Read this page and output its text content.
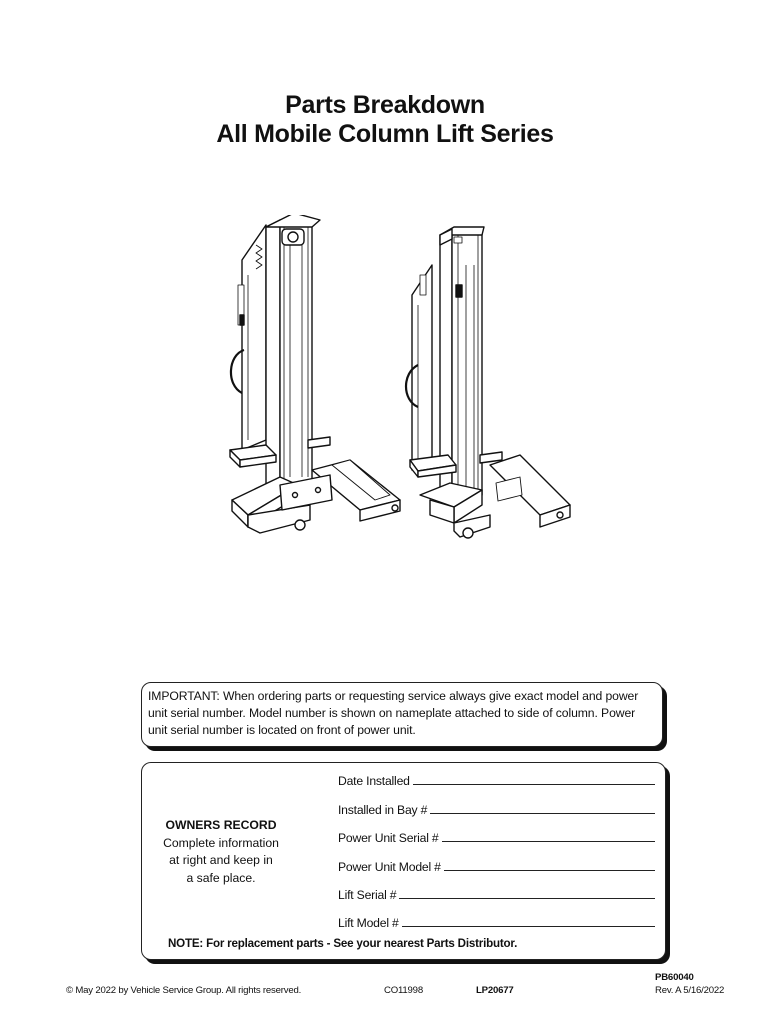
Parts Breakdown
All Mobile Column Lift Series
IMPORTANT: When ordering parts or requesting service always give exact model and power unit serial number. Model number is shown on nameplate attached to side of column. Power unit serial number is located on front of power unit.
OWNERS RECORD
Complete information
at right and keep in
a safe place.
Date Installed
Installed in Bay #
Power Unit Serial #
Power Unit Model #
Lift Serial #
Lift Model #
NOTE: For replacement parts - See your nearest Parts Distributor.
© May 2022 by Vehicle Service Group. All rights reserved.	CO11998	LP20677
PB60040
Rev. A 5/16/2022
